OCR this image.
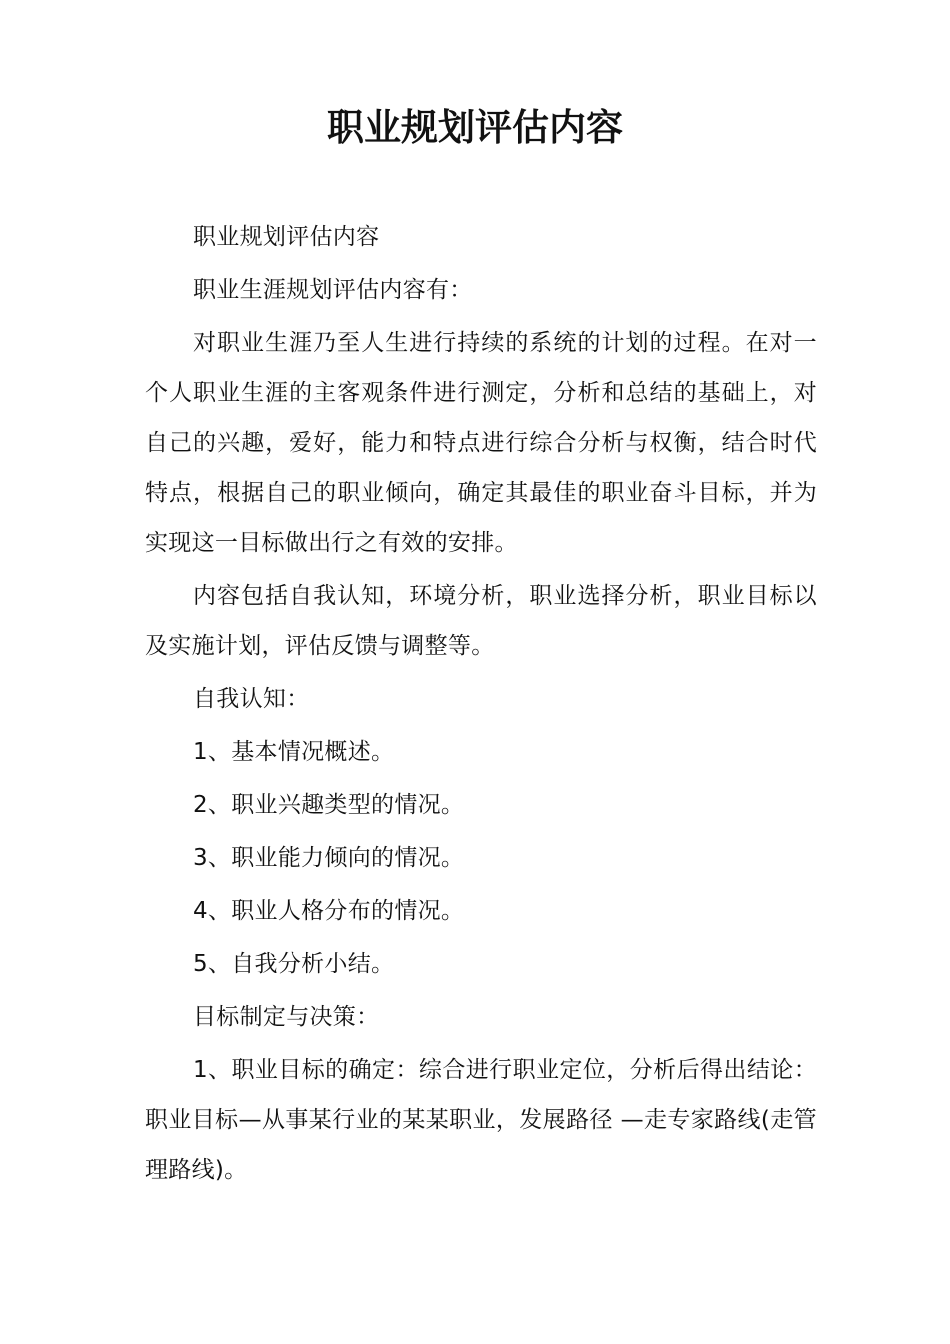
职业规划评估内容

职业规划评估内容

职业生涯规划评估内容有：

对职业生涯乃至人生进行持续的系统的计划的过程。在对一个人职业生涯的主客观条件进行测定，分析和总结的基础上，对自己的兴趣，爱好，能力和特点进行综合分析与权衡，结合时代特点，根据自己的职业倾向，确定其最佳的职业奋斗目标，并为实现这一目标做出行之有效的安排。

内容包括自我认知，环境分析，职业选择分析，职业目标以及实施计划，评估反馈与调整等。

自我认知：

1、基本情况概述。

2、职业兴趣类型的情况。

3、职业能力倾向的情况。

4、职业人格分布的情况。

5、自我分析小结。

目标制定与决策：

1、职业目标的确定：综合进行职业定位，分析后得出结论：职业目标—从事某行业的某某职业，发展路径 —走专家路线(走管理路线)。
